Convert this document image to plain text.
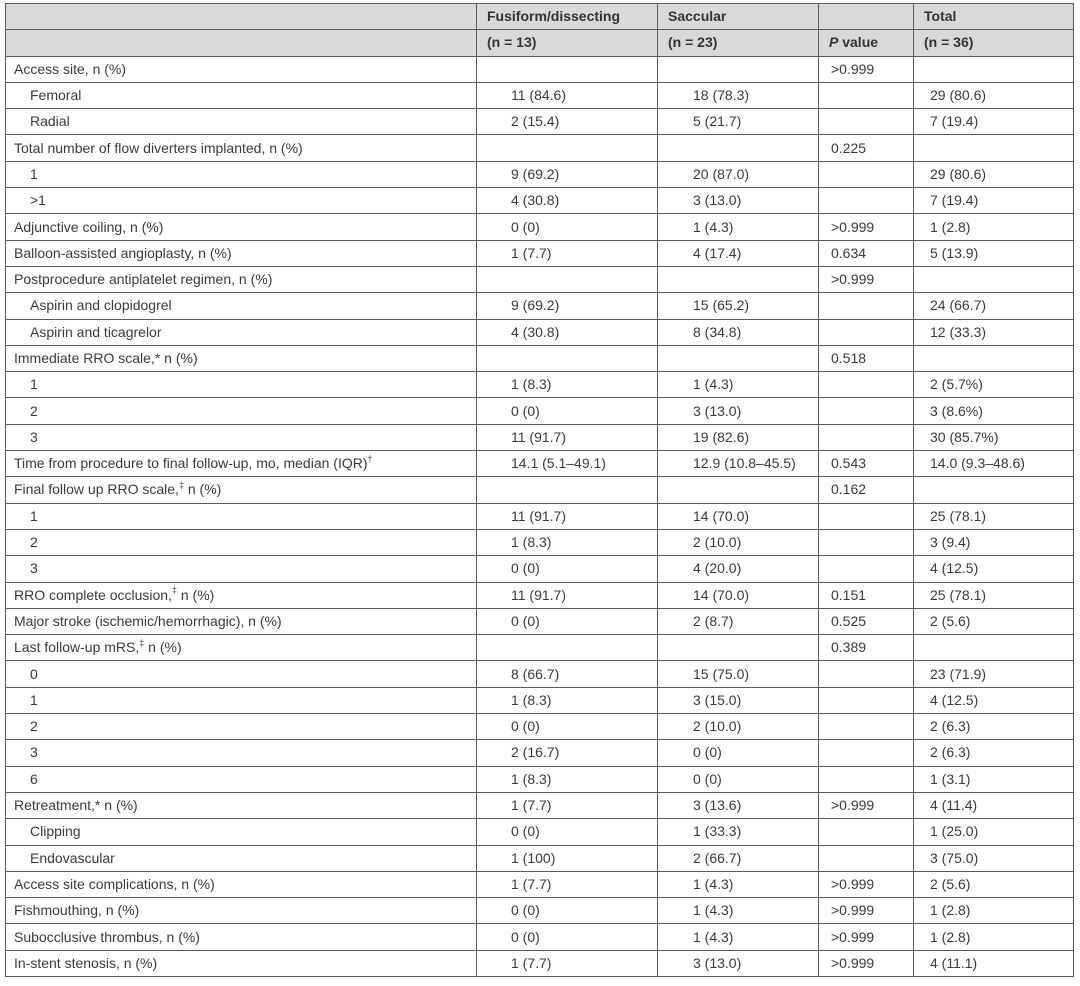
	Fusiform/dissecting	Saccular		Total
	(n = 13)	(n = 23)	P value	(n = 36)
Access site, n (%)			>0.999	
Femoral	11 (84.6)	18 (78.3)		29 (80.6)
Radial	2 (15.4)	5 (21.7)		7 (19.4)
Total number of flow diverters implanted, n (%)			0.225	
1	9 (69.2)	20 (87.0)		29 (80.6)
>1	4 (30.8)	3 (13.0)		7 (19.4)
Adjunctive coiling, n (%)	0 (0)	1 (4.3)	>0.999	1 (2.8)
Balloon-assisted angioplasty, n (%)	1 (7.7)	4 (17.4)	0.634	5 (13.9)
Postprocedure antiplatelet regimen, n (%)			>0.999	
Aspirin and clopidogrel	9 (69.2)	15 (65.2)		24 (66.7)
Aspirin and ticagrelor	4 (30.8)	8 (34.8)		12 (33.3)
Immediate RRO scale,* n (%)			0.518	
1	1 (8.3)	1 (4.3)		2 (5.7%)
2	0 (0)	3 (13.0)		3 (8.6%)
3	11 (91.7)	19 (82.6)		30 (85.7%)
Time from procedure to final follow-up, mo, median (IQR)†	14.1 (5.1–49.1)	12.9 (10.8–45.5)	0.543	14.0 (9.3–48.6)
Final follow up RRO scale,‡ n (%)			0.162	
1	11 (91.7)	14 (70.0)		25 (78.1)
2	1 (8.3)	2 (10.0)		3 (9.4)
3	0 (0)	4 (20.0)		4 (12.5)
RRO complete occlusion,‡ n (%)	11 (91.7)	14 (70.0)	0.151	25 (78.1)
Major stroke (ischemic/hemorrhagic), n (%)	0 (0)	2 (8.7)	0.525	2 (5.6)
Last follow-up mRS,‡ n (%)			0.389	
0	8 (66.7)	15 (75.0)		23 (71.9)
1	1 (8.3)	3 (15.0)		4 (12.5)
2	0 (0)	2 (10.0)		2 (6.3)
3	2 (16.7)	0 (0)		2 (6.3)
6	1 (8.3)	0 (0)		1 (3.1)
Retreatment,* n (%)	1 (7.7)	3 (13.6)	>0.999	4 (11.4)
Clipping	0 (0)	1 (33.3)		1 (25.0)
Endovascular	1 (100)	2 (66.7)		3 (75.0)
Access site complications, n (%)	1 (7.7)	1 (4.3)	>0.999	2 (5.6)
Fishmouthing, n (%)	0 (0)	1 (4.3)	>0.999	1 (2.8)
Subocclusive thrombus, n (%)	0 (0)	1 (4.3)	>0.999	1 (2.8)
In-stent stenosis, n (%)	1 (7.7)	3 (13.0)	>0.999	4 (11.1)
